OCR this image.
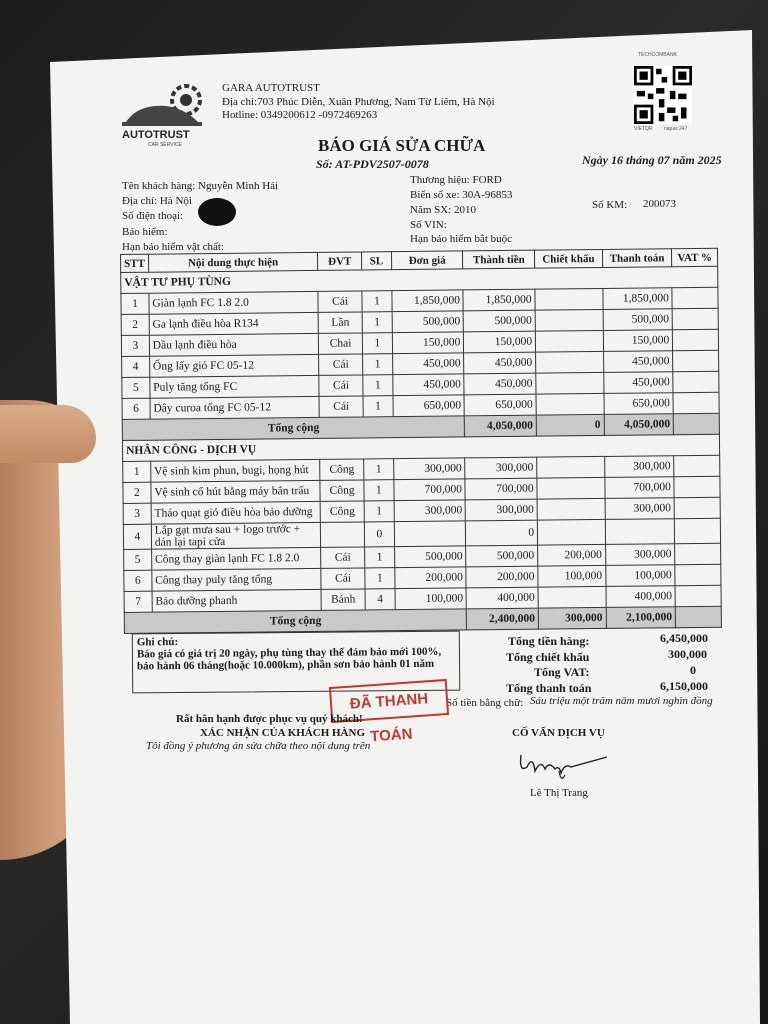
AUTOTRUST
CAR SERVICE
GARA AUTOTRUST
Địa chỉ:703 Phúc Diễn, Xuân Phương, Nam Từ Liêm, Hà Nội
Hotline: 0349200612 -0972469263
TECHCOMBANK
VIETQR napas 247
BÁO GIÁ SỬA CHỮA
Số: AT-PDV2507-0078	Ngày 16 tháng 07 năm 2025
Tên khách hàng: Nguyễn Minh Hải
Địa chỉ: Hà Nội
Số điện thoại:
Bảo hiểm:
Hạn bảo hiểm vật chất:
Thương hiệu: FORD
Biển số xe: 30A-96853
Năm SX: 2010
Số VIN:
Hạn bảo hiểm bắt buộc
Số KM: 200073
STT	Nội dung thực hiện	ĐVT	SL	Đơn giá	Thành tiền	Chiết khấu	Thanh toán	VAT %
VẬT TƯ PHỤ TÙNG								
1	Giàn lạnh FC 1.8 2.0	Cái	1	1,850,000	1,850,000		1,850,000	
2	Ga lạnh điều hòa R134	Lần	1	500,000	500,000		500,000	
3	Dầu lạnh điều hòa	Chai	1	150,000	150,000		150,000	
4	Ống lấy gió FC 05-12	Cái	1	450,000	450,000		450,000	
5	Puly tăng tổng FC	Cái	1	450,000	450,000		450,000	
6	Dây curoa tổng FC 05-12	Cái	1	650,000	650,000		650,000	
Tổng cộng					4,050,000	0	4,050,000	
NHÂN CÔNG - DỊCH VỤ								
1	Vệ sinh kim phun, bugi, họng hút	Công	1	300,000	300,000		300,000	
2	Vệ sinh cổ hút bằng máy bắn trấu	Công	1	700,000	700,000		700,000	
3	Tháo quạt gió điều hòa bảo dưỡng	Công	1	300,000	300,000		300,000	
4	Lắp gạt mưa sau + logo trước + dán lại tapi cửa		0		0			
5	Công thay giàn lạnh FC 1.8 2.0	Cái	1	500,000	500,000	200,000	300,000	
6	Công thay puly tăng tổng	Cái	1	200,000	200,000	100,000	100,000	
7	Bảo dưỡng phanh	Bánh	4	100,000	400,000		400,000	
Tổng cộng					2,400,000	300,000	2,100,000	
Ghi chú:
Báo giá có giá trị 20 ngày, phụ tùng thay thế đảm bảo mới 100%,
bảo hành 06 tháng(hoặc 10.000km), phần sơn bảo hành 01 năm
Tổng tiền hàng:	6,450,000
Tổng chiết khấu	300,000
Tổng VAT:	0
Tổng thanh toán	6,150,000
Số tiền bằng chữ: Sáu triệu một trăm năm mươi nghìn đồng
ĐÃ THANH TOÁN
Rất hân hạnh được phục vụ quý khách!
XÁC NHẬN CỦA KHÁCH HÀNG
Tôi đồng ý phương án sửa chữa theo nội dung trên
CỐ VẤN DỊCH VỤ
Lê Thị Trang
